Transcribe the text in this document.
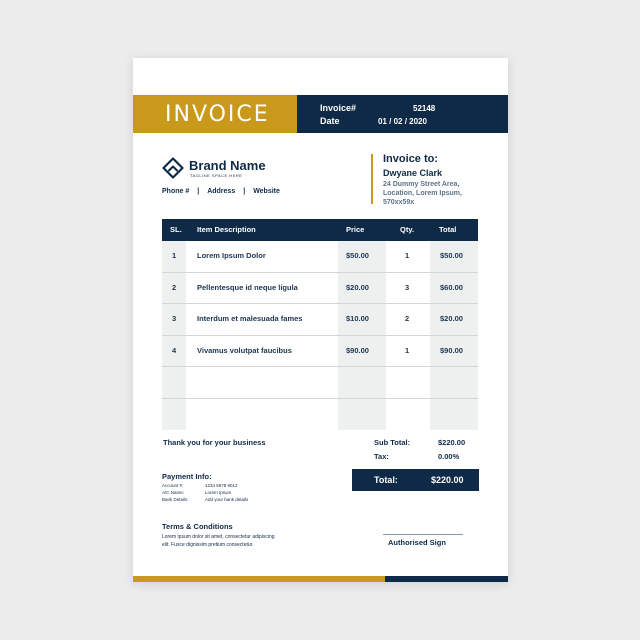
INVOICE	Invoice#	52148
Date	01 / 02 / 2020
Brand Name
TAGLINE SPACE HERE
Phone # | Address | Website
Invoice to:
Dwyane Clark
24 Dummy Street Area,
Location, Lorem Ipsum,
570xx59x
SL. Item Description	Price	Qty.	Total
1	Lorem Ipsum Dolor	$50.00	1	$50.00
2	Pellentesque id neque ligula	$20.00	3	$60.00
3	Interdum et malesuada fames	$10.00	2	$20.00
4	Vivamus volutpat faucibus	$90.00	1	$90.00
Thank you for your business	Sub Total:	$220.00
Tax:	0.00%
Total:	$220.00
Payment Info:
Account #:	1234 5678 9012
A/C Name:	Lorem Ipsum
Bank Details:	Add your bank details
Terms & Conditions
Lorem ipsum dolor sit amet, consectetur adipiscing
elit. Fusce dignissim pretium consectetur.	Authorised Sign
